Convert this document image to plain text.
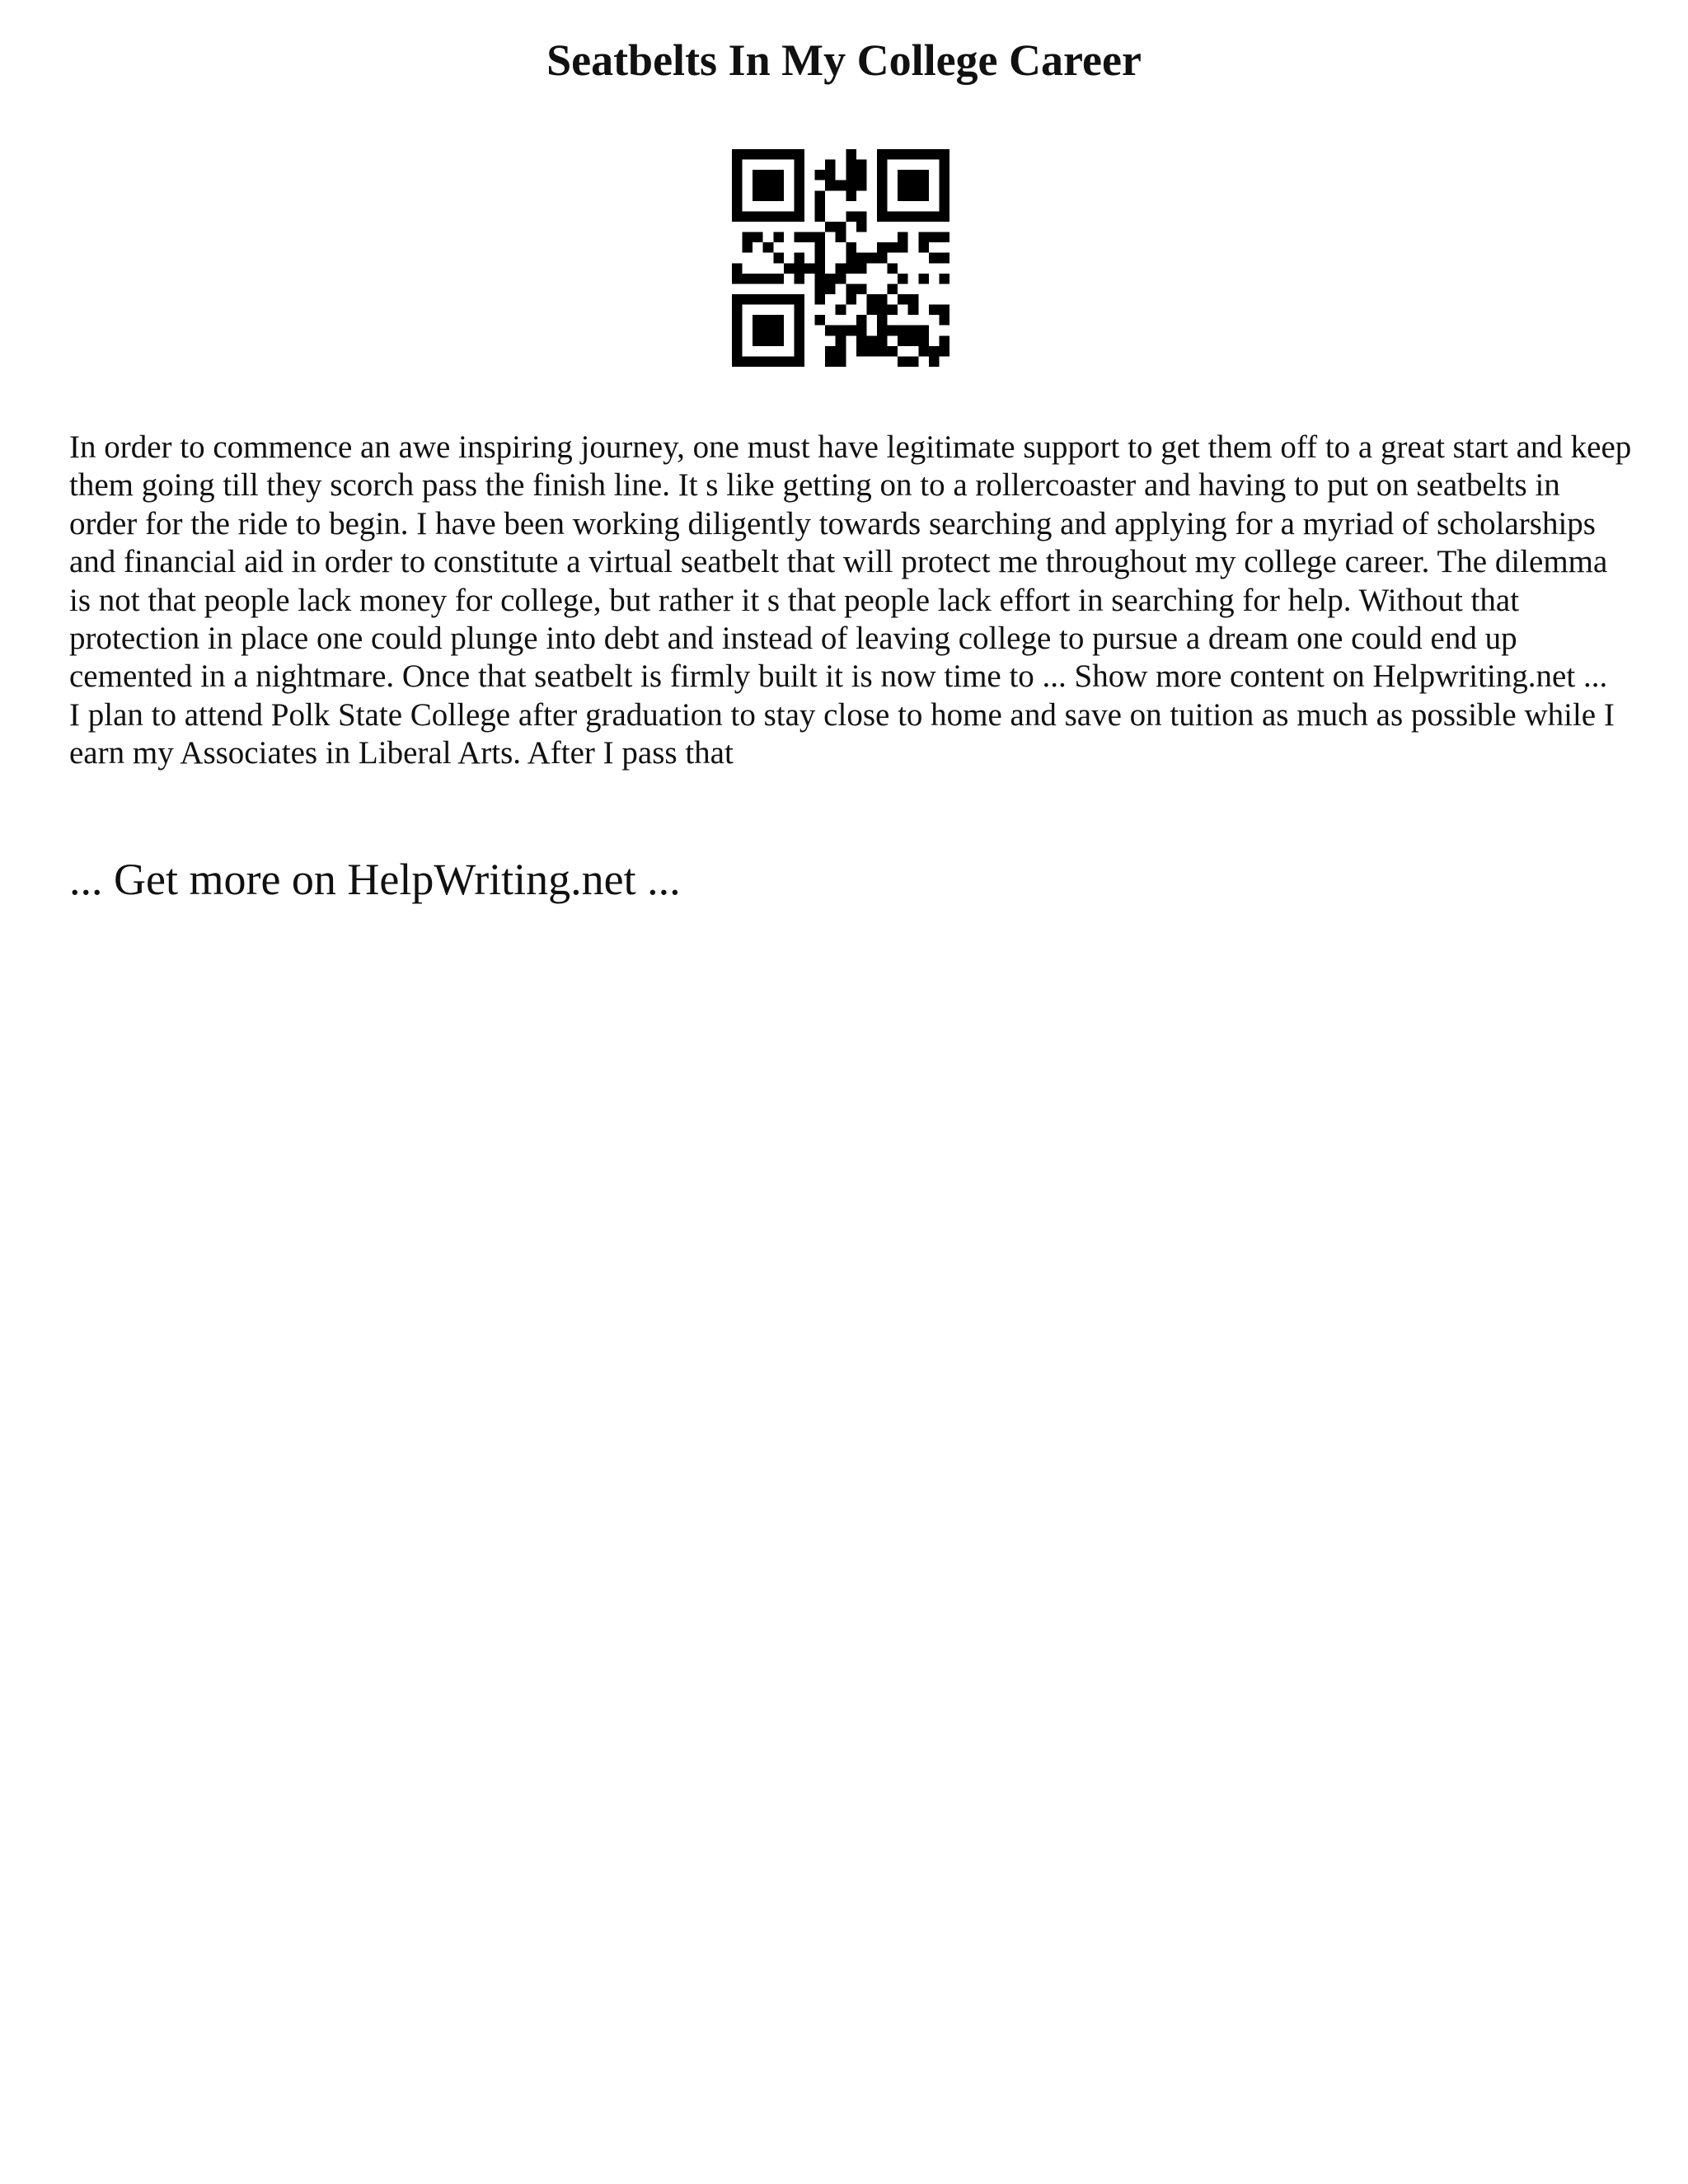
Seatbelts In My College Career

In order to commence an awe inspiring journey, one must have legitimate support to get them off to a great start and keep them going till they scorch pass the finish line. It s like getting on to a rollercoaster and having to put on seatbelts in order for the ride to begin. I have been working diligently towards searching and applying for a myriad of scholarships and financial aid in order to constitute a virtual seatbelt that will protect me throughout my college career. The dilemma is not that people lack money for college, but rather it s that people lack effort in searching for help. Without that protection in place one could plunge into debt and instead of leaving college to pursue a dream one could end up cemented in a nightmare. Once that seatbelt is firmly built it is now time to ... Show more content on Helpwriting.net ...

I plan to attend Polk State College after graduation to stay close to home and save on tuition as much as possible while I earn my Associates in Liberal Arts. After I pass that

... Get more on HelpWriting.net ...
